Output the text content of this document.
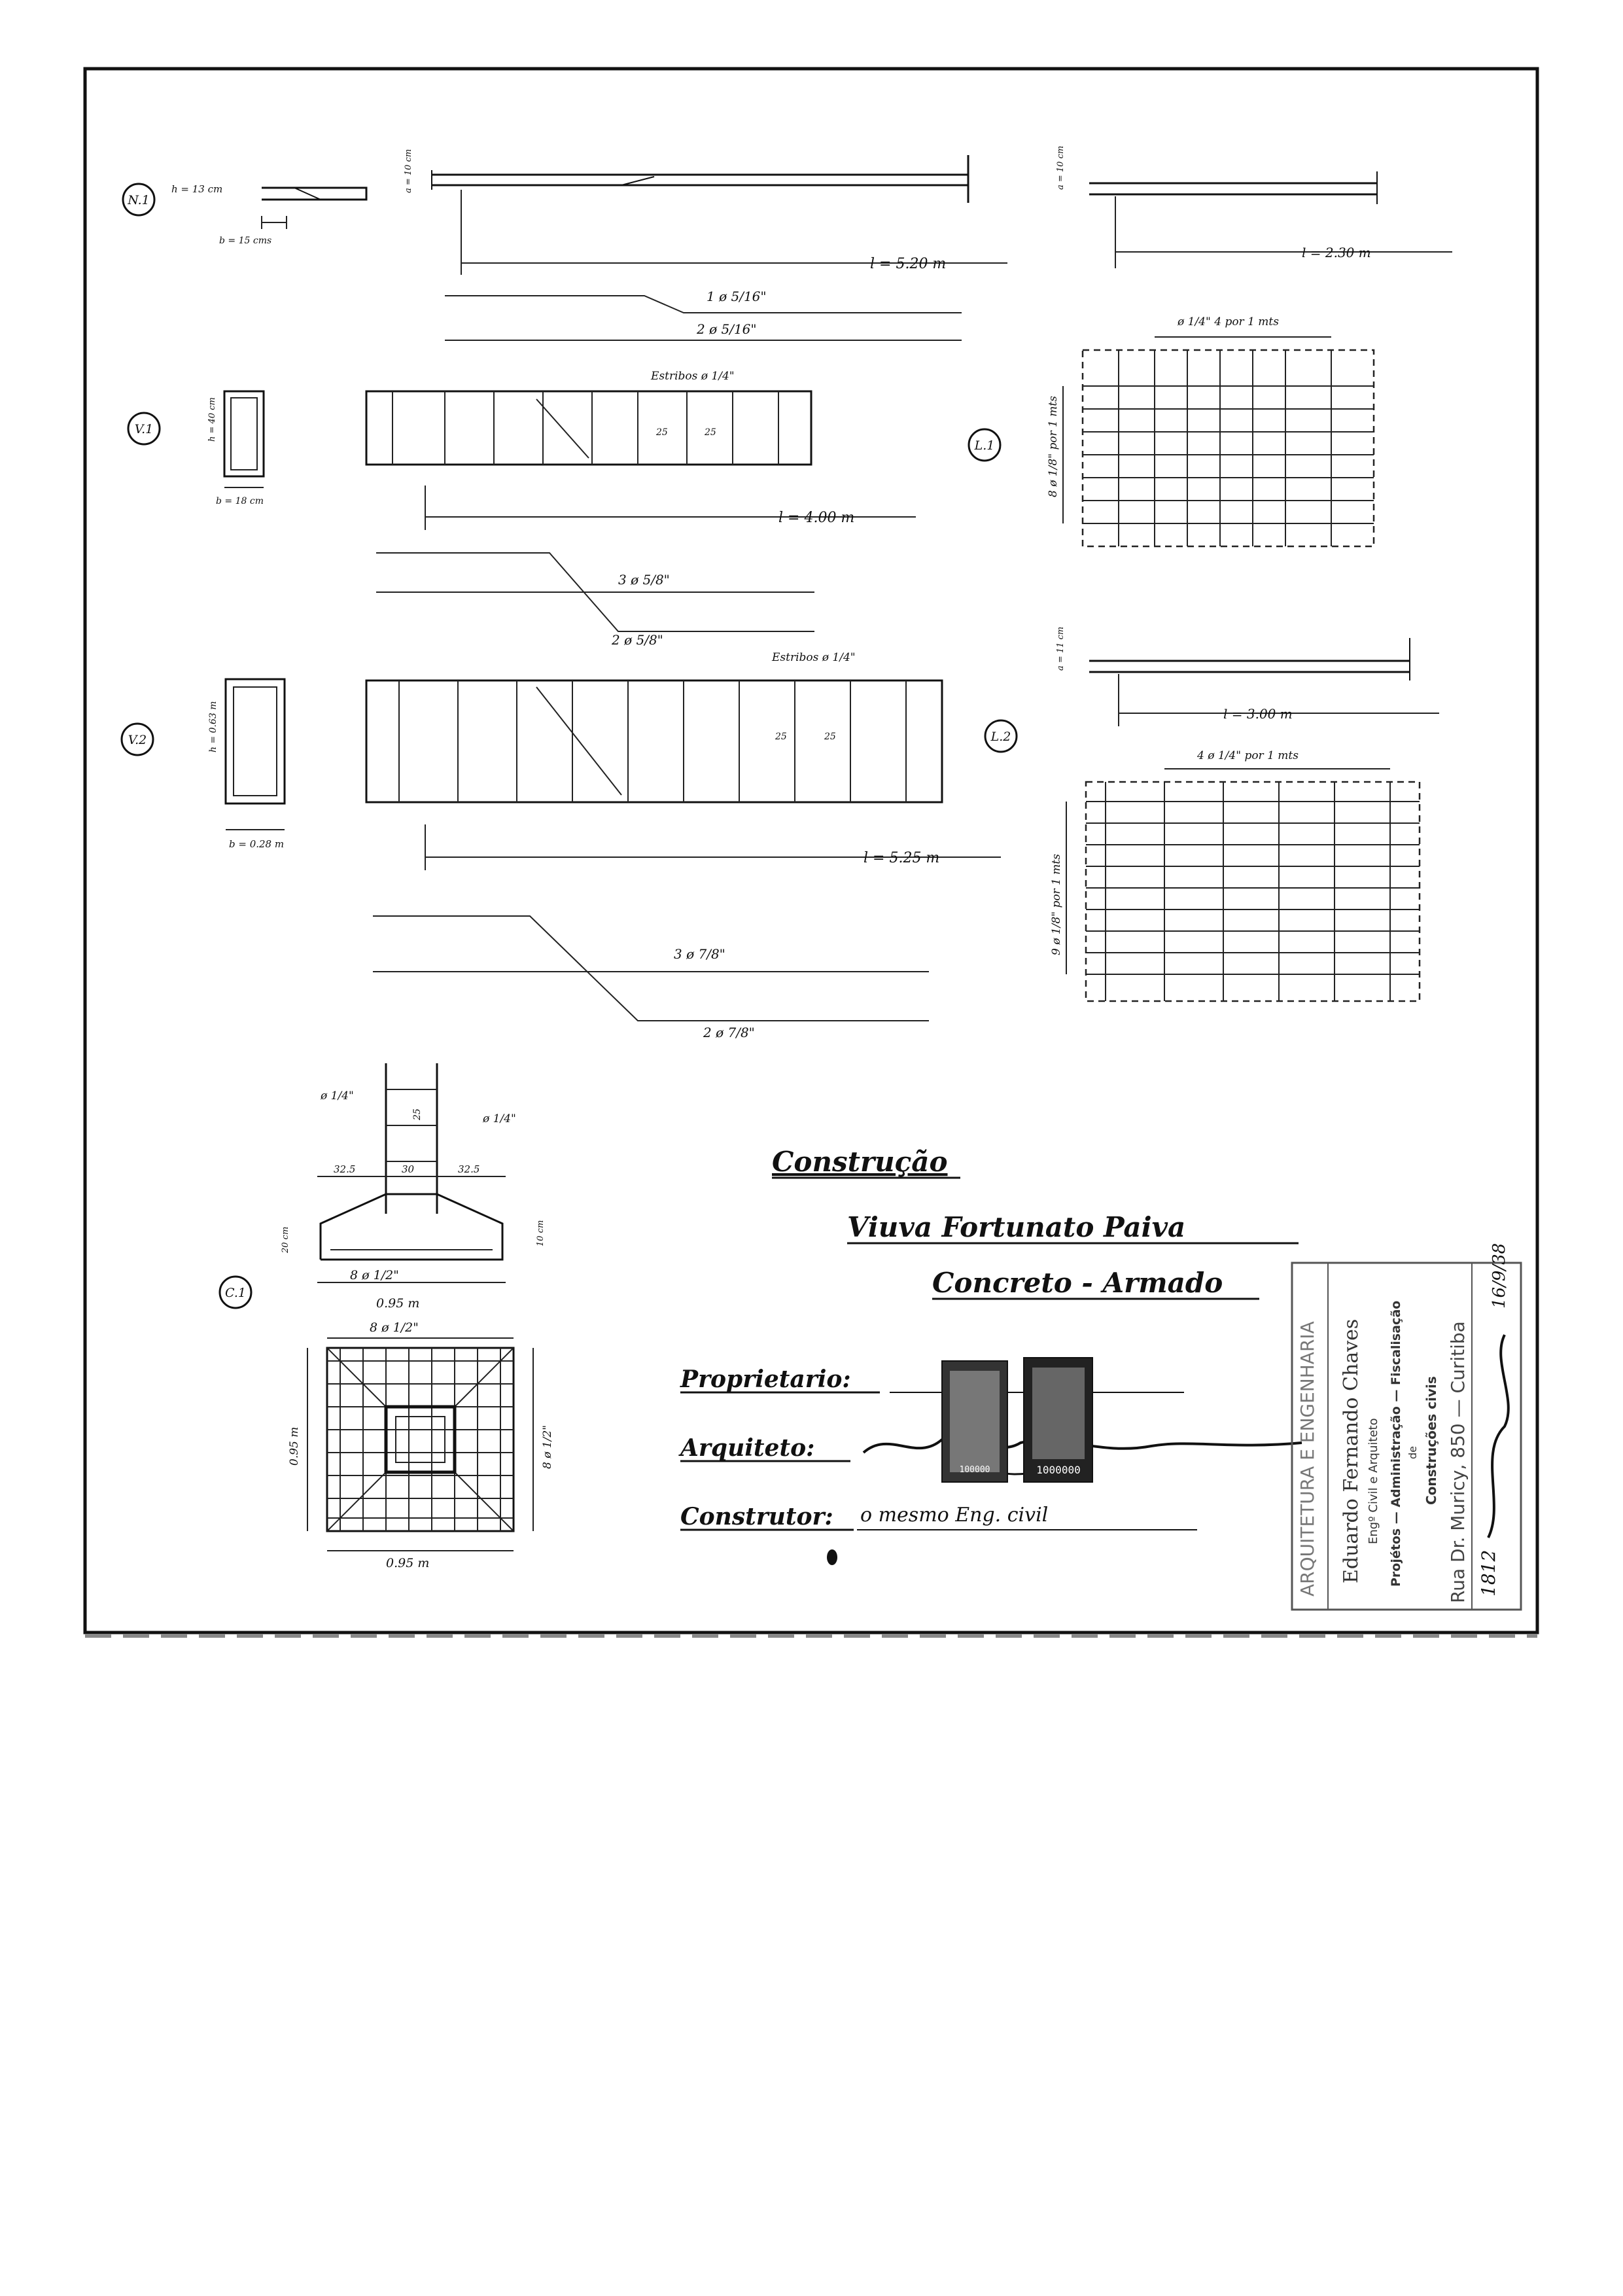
N.1
h = 13 cm
b = 15 cms
a = 10 cm
l = 5.20 m
1 ø 5/16"
2 ø 5/16"
V.1	h = 40 cm
b = 18 cm
Estribos ø 1/4"
25	25
l = 4.00 m
3 ø 5/8"
2 ø 5/8"
V.2	h = 0.63 m
b = 0.28 m
Estribos ø 1/4"
25	25
l = 5.25 m
3 ø 7/8"
2 ø 7/8"
L.1
a = 10 cm
l = 2.30 m
ø 1/4" 4 por 1 mts
8 ø 1/8" por 1 mts
L.2
a = 11 cm
l = 3.00 m
4 ø 1/4" por 1 mts
9 ø 1/8" por 1 mts
C.1
ø 1/4"
ø 1/4"
25
32.5	30	32.5
20 cm	10 cm
8 ø 1/2"
0.95 m
8 ø 1/2"
8 ø 1/2"
0.95 m
0.95 m
Construção
Viuva Fortunato Paiva
Concreto - Armado
Proprietario:
Arquiteto:
Construtor: o mesmo Eng. civil
100000	1000000	ARQUITETURA E ENGENHARIA Eduardo Fernando Chaves Engº Civil e Arquiteto Projétos — Administração — Fiscalisação de Construções civis Rua Dr. Muricy, 850 — Curitiba 1812
16/9/38
